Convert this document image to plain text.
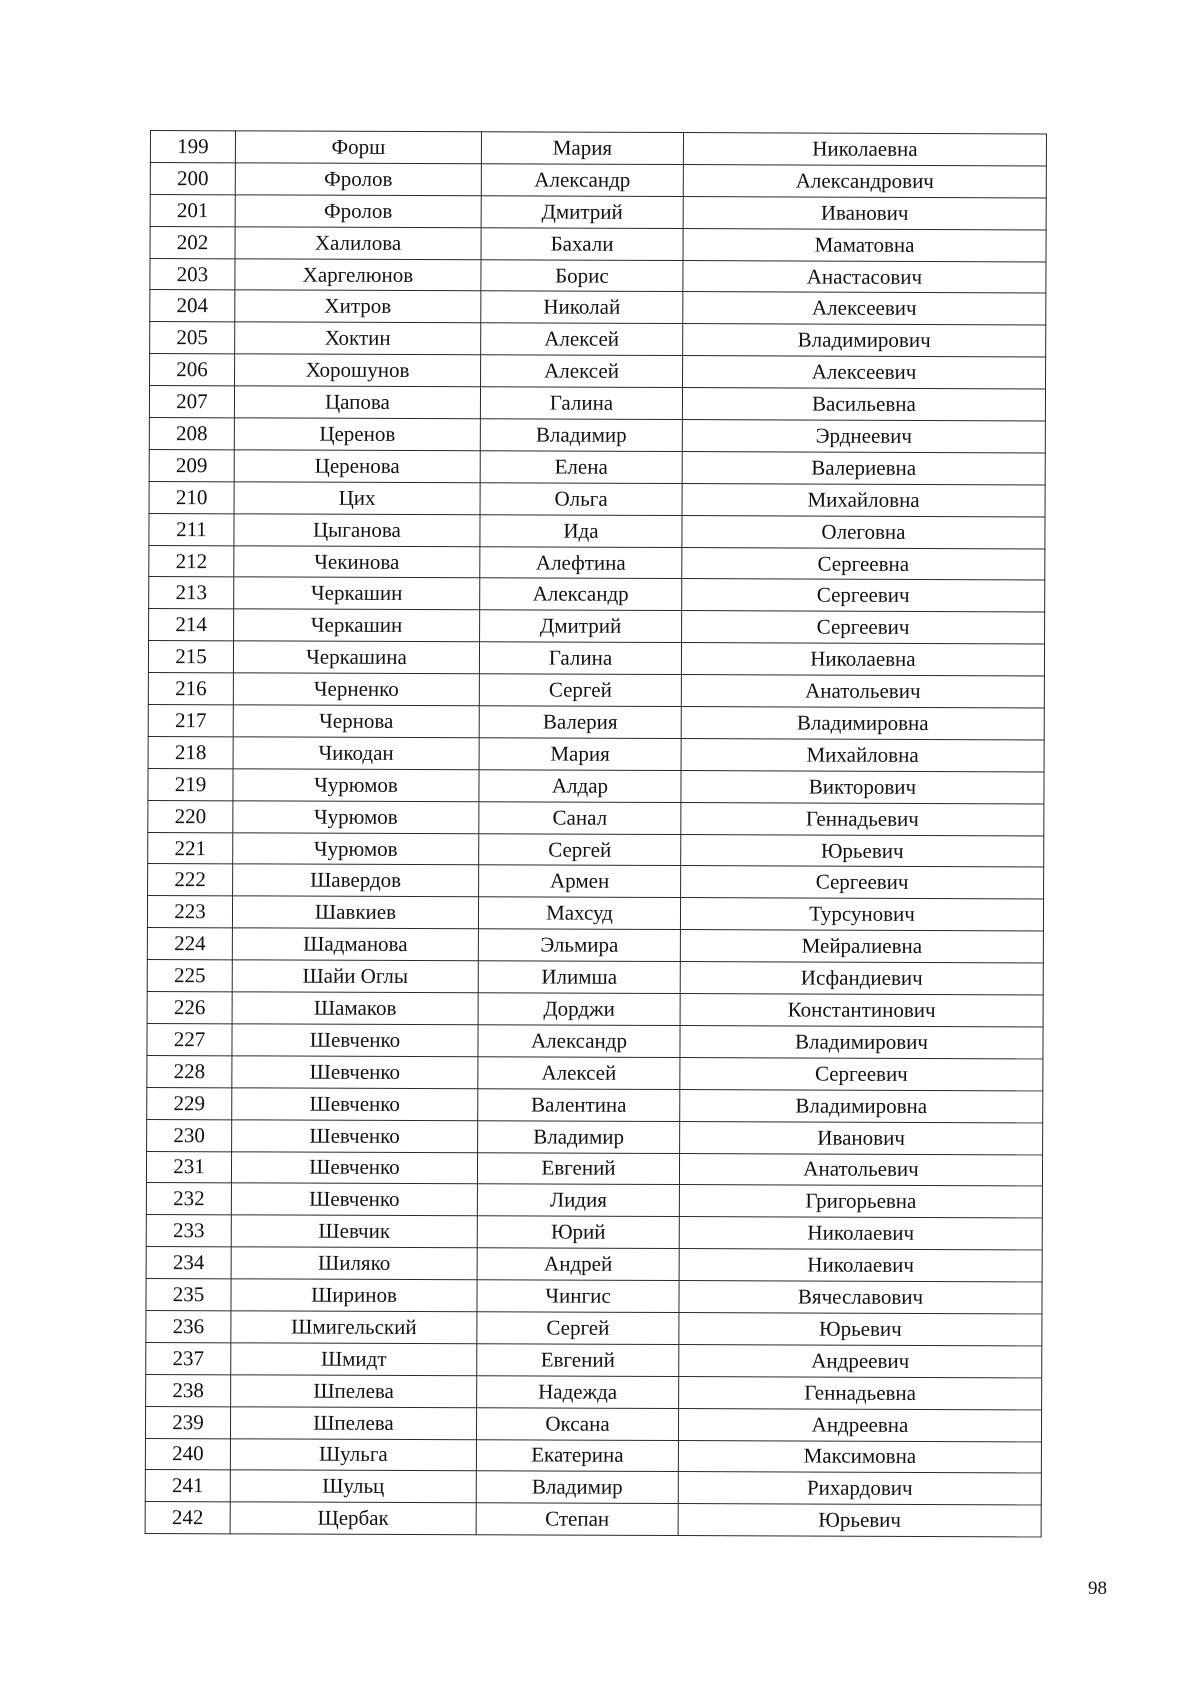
199	Форш	Мария	Николаевна
200	Фролов	Александр	Александрович
201	Фролов	Дмитрий	Иванович
202	Халилова	Бахали	Маматовна
203	Харгелюнов	Борис	Анастасович
204	Хитров	Николай	Алексеевич
205	Хоктин	Алексей	Владимирович
206	Хорошунов	Алексей	Алексеевич
207	Цапова	Галина	Васильевна
208	Церенов	Владимир	Эрднеевич
209	Церенова	Елена	Валериевна
210	Цих	Ольга	Михайловна
211	Цыганова	Ида	Олеговна
212	Чекинова	Алефтина	Сергеевна
213	Черкашин	Александр	Сергеевич
214	Черкашин	Дмитрий	Сергеевич
215	Черкашина	Галина	Николаевна
216	Черненко	Сергей	Анатольевич
217	Чернова	Валерия	Владимировна
218	Чикодан	Мария	Михайловна
219	Чурюмов	Алдар	Викторович
220	Чурюмов	Санал	Геннадьевич
221	Чурюмов	Сергей	Юрьевич
222	Шавердов	Армен	Сергеевич
223	Шавкиев	Махсуд	Турсунович
224	Шадманова	Эльмира	Мейралиевна
225	Шайи Оглы	Илимша	Исфандиевич
226	Шамаков	Дорджи	Константинович
227	Шевченко	Александр	Владимирович
228	Шевченко	Алексей	Сергеевич
229	Шевченко	Валентина	Владимировна
230	Шевченко	Владимир	Иванович
231	Шевченко	Евгений	Анатольевич
232	Шевченко	Лидия	Григорьевна
233	Шевчик	Юрий	Николаевич
234	Шиляко	Андрей	Николаевич
235	Ширинов	Чингис	Вячеславович
236	Шмигельский	Сергей	Юрьевич
237	Шмидт	Евгений	Андреевич
238	Шпелева	Надежда	Геннадьевна
239	Шпелева	Оксана	Андреевна
240	Шульга	Екатерина	Максимовна
241	Шульц	Владимир	Рихардович
242	Щербак	Степан	Юрьевич
98
